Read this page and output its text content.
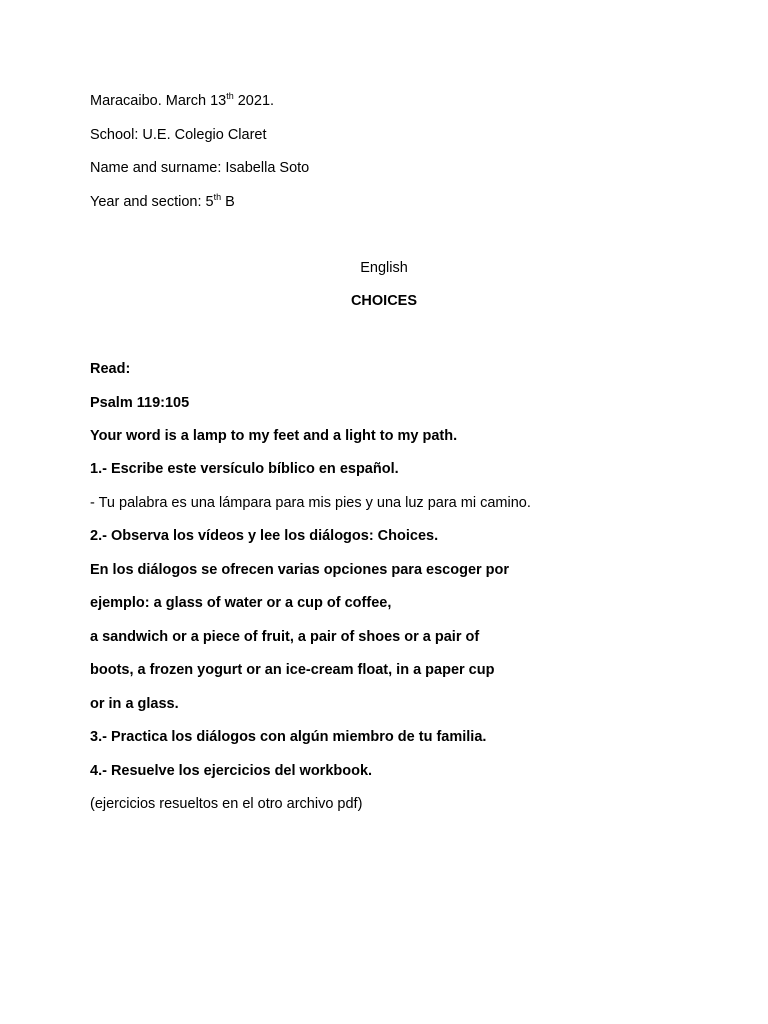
Maracaibo. March 13th 2021.
School: U.E. Colegio Claret
Name and surname: Isabella Soto
Year and section: 5th B
English
CHOICES
Read:
Psalm 119:105
Your word is a lamp to my feet and a light to my path.
1.- Escribe este versículo bíblico en español.
- Tu palabra es una lámpara para mis pies y una luz para mi camino.
2.- Observa los vídeos y lee los diálogos: Choices.
En los diálogos se ofrecen varias opciones para escoger por
ejemplo: a glass of water or a cup of coffee,
a sandwich or a piece of fruit, a pair of shoes or a pair of
boots, a frozen yogurt or an ice-cream float, in a paper cup
or in a glass.
3.- Practica los diálogos con algún miembro de tu familia.
4.- Resuelve los ejercicios del workbook.
(ejercicios resueltos en el otro archivo pdf)
